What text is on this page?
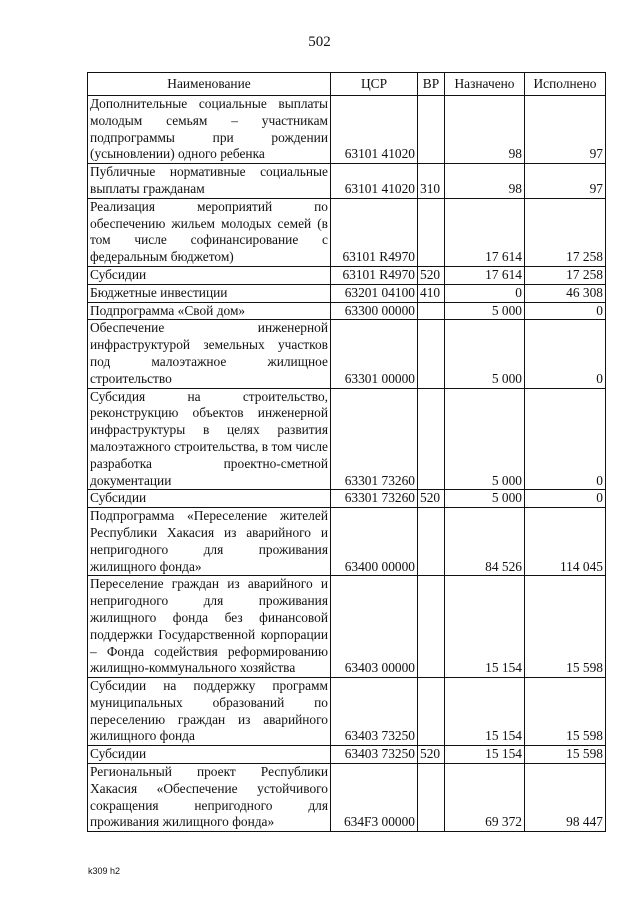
502
Наименование	ЦСР	ВР	Назначено	Исполнено
Дополнительные социальные выплаты молодым семьям – участникам подпрограммы при рождении (усыновлении) одного ребенка	63101 41020		98	97
Публичные нормативные социальные выплаты гражданам	63101 41020	310	98	97
Реализация мероприятий по обеспечению жильем молодых семей (в том числе софинансирование с федеральным бюджетом)	63101 R4970		17 614	17 258
Субсидии	63101 R4970	520	17 614	17 258
Бюджетные инвестиции	63201 04100	410	0	46 308
Подпрограмма «Свой дом»	63300 00000		5 000	0
Обеспечение инженерной инфраструктурой земельных участков под малоэтажное жилищное строительство	63301 00000		5 000	0
Субсидия на строительство, реконструкцию объектов инженерной инфраструктуры в целях развития малоэтажного строительства, в том числе разработка проектно-сметной документации	63301 73260		5 000	0
Субсидии	63301 73260	520	5 000	0
Подпрограмма «Переселение жителей Республики Хакасия из аварийного и непригодного для проживания жилищного фонда»	63400 00000		84 526	114 045
Переселение граждан из аварийного и непригодного для проживания жилищного фонда без финансовой поддержки Государственной корпорации – Фонда содействия реформированию жилищно-коммунального хозяйства	63403 00000		15 154	15 598
Субсидии на поддержку программ муниципальных образований по переселению граждан из аварийного жилищного фонда	63403 73250		15 154	15 598
Субсидии	63403 73250	520	15 154	15 598
Региональный проект Республики Хакасия «Обеспечение устойчивого сокращения непригодного для проживания жилищного фонда»	634F3 00000		69 372	98 447
k309 h2
